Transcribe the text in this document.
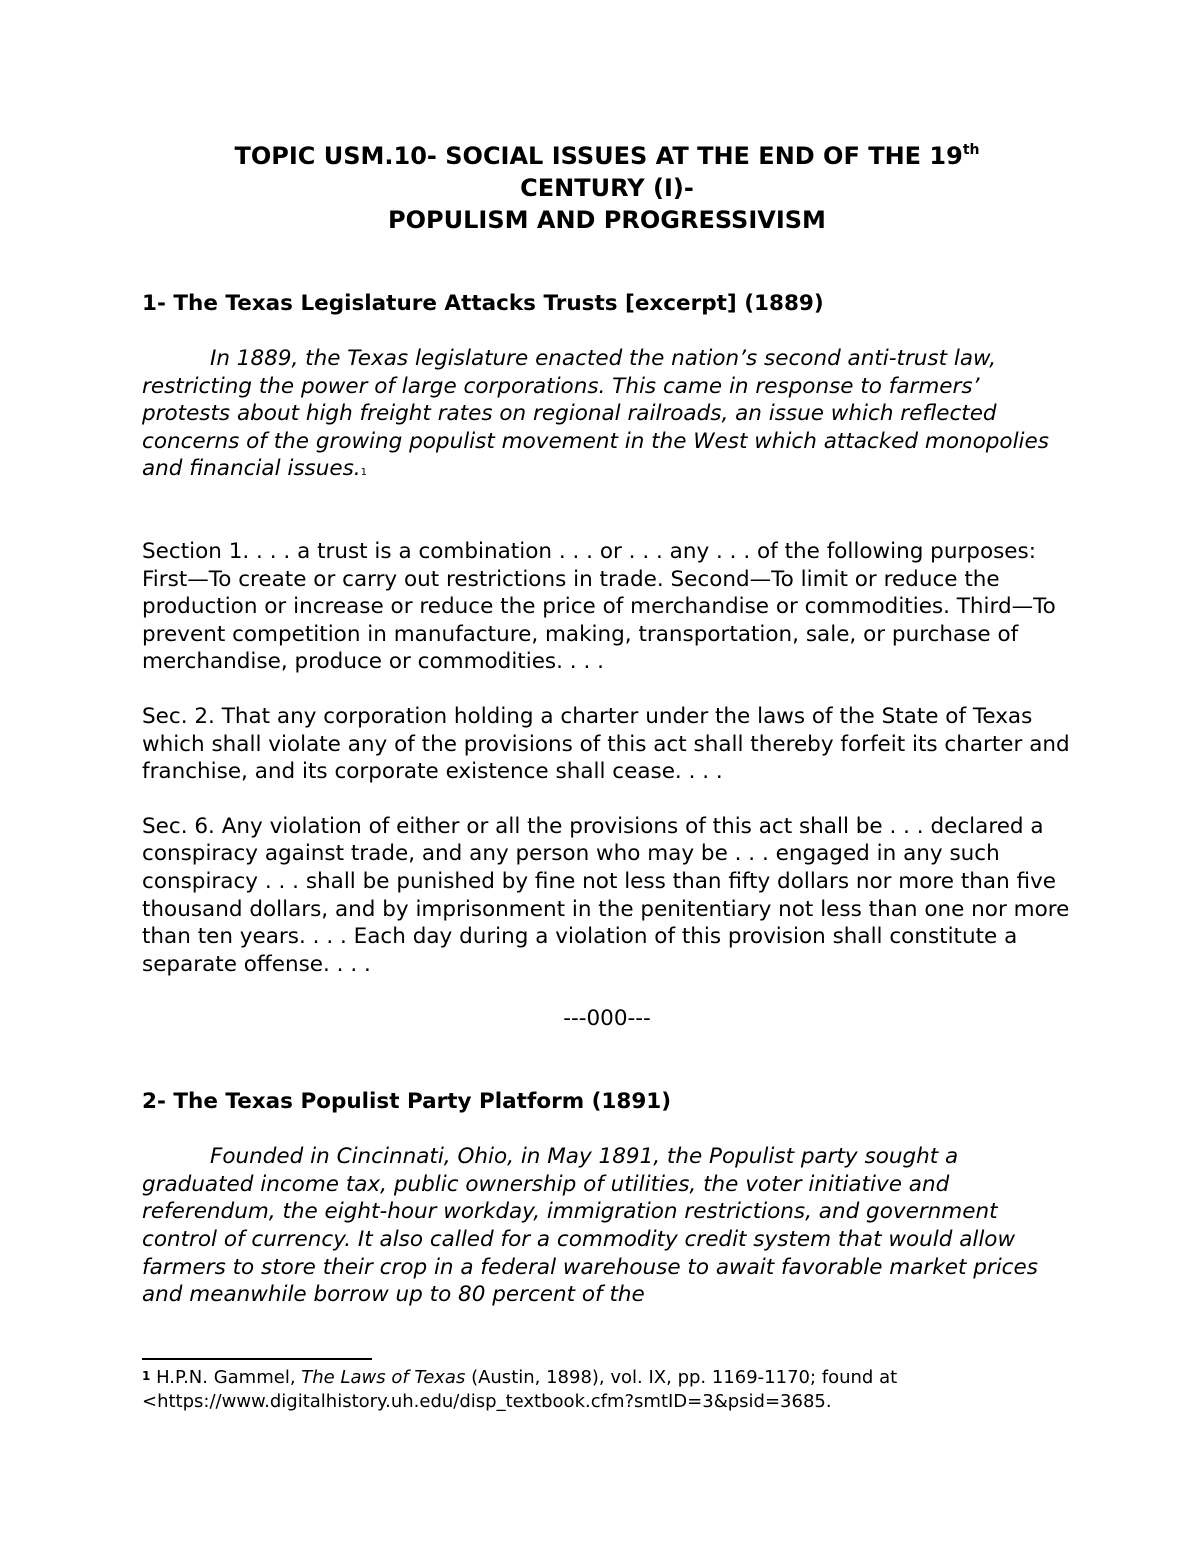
TOPIC USM.10- SOCIAL ISSUES AT THE END OF THE 19th
CENTURY (I)-
POPULISM AND PROGRESSIVISM

1- The Texas Legislature Attacks Trusts [excerpt] (1889)

In 1889, the Texas legislature enacted the nation’s second anti-trust law, restricting the power of large corporations. This came in response to farmers’ protests about high freight rates on regional railroads, an issue which reflected concerns of the growing populist movement in the West which attacked monopolies and financial issues.$^1$

Section 1. . . . a trust is a combination . . . or . . . any . . . of the following purposes: First—To create or carry out restrictions in trade. Second—To limit or reduce the production or increase or reduce the price of merchandise or commodities. Third—To prevent competition in manufacture, making, transportation, sale, or purchase of merchandise, produce or commodities. . . .

Sec. 2. That any corporation holding a charter under the laws of the State of Texas which shall violate any of the provisions of this act shall thereby forfeit its charter and franchise, and its corporate existence shall cease. . . .

Sec. 6. Any violation of either or all the provisions of this act shall be . . . declared a conspiracy against trade, and any person who may be . . . engaged in any such conspiracy . . . shall be punished by fine not less than fifty dollars nor more than five thousand dollars, and by imprisonment in the penitentiary not less than one nor more than ten years. . . . Each day during a violation of this provision shall constitute a separate offense. . . .

---000---

2- The Texas Populist Party Platform (1891)

Founded in Cincinnati, Ohio, in May 1891, the Populist party sought a graduated income tax, public ownership of utilities, the voter initiative and referendum, the eight-hour workday, immigration restrictions, and government control of currency. It also called for a commodity credit system that would allow farmers to store their crop in a federal warehouse to await favorable market prices and meanwhile borrow up to 80 percent of the

$^1$ H.P.N. Gammel, The Laws of Texas (Austin, 1898), vol. IX, pp. 1169-1170; found at <https://www.digitalhistory.uh.edu/disp_textbook.cfm?smtID=3&psid=3685.
